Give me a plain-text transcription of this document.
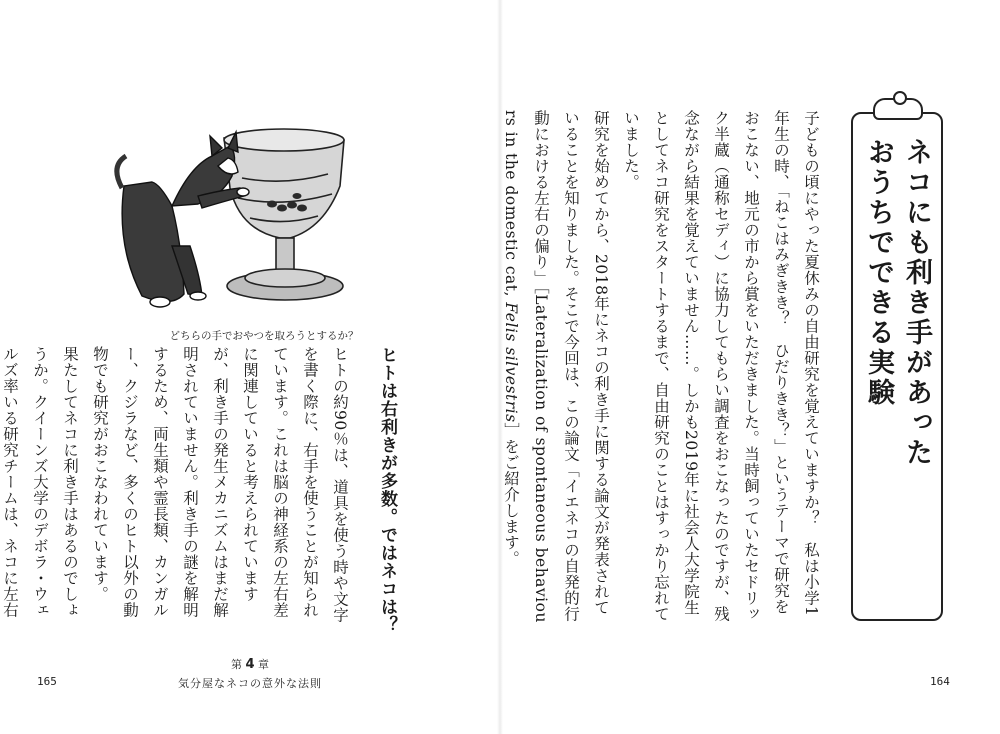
ネコにも利き手があった
おうちでできる実験

子どもの頃にやった夏休みの自由研究を覚えていますか？　私は小学1年生の時、「ねこはみぎきき？　ひだりきき？」というテーマで研究をおこない、地元の市から賞をいただきました。当時飼っていたセドリック半蔵（通称セディ）に協力してもらい調査をおこなったのですが、残念ながら結果を覚えていません……。しかも2019年に社会人大学院生としてネコ研究をスタートするまで、自由研究のことはすっかり忘れていました。

研究を始めてから、2018年にネコの利き手に関する論文が発表されていることを知りました。そこで今回は、この論文「イエネコの自発的行動における左右の偏り」［Lateralization of spontaneous behaviours in the domestic cat, Felis silvestris］をご紹介します。

どちらの手でおやつを取ろうとするか？
ヒトは右利きが多数。ではネコは？

ヒトの約90％は、道具を使う時や文字を書く際に、右手を使うことが知られています。これは脳の神経系の左右差に関連していると考えられていますが、利き手の発生メカニズムはまだ解明されていません。利き手の謎を解明するため、両生類や霊長類、カンガルー、クジラなど、多くのヒト以外の動物でも研究がおこなわれています。

果たしてネコに利き手はあるのでしょうか。クイーンズ大学のデボラ・ウェルズ率いる研究チームは、ネコに左右

165	164
第 4 章
気分屋なネコの意外な法則
